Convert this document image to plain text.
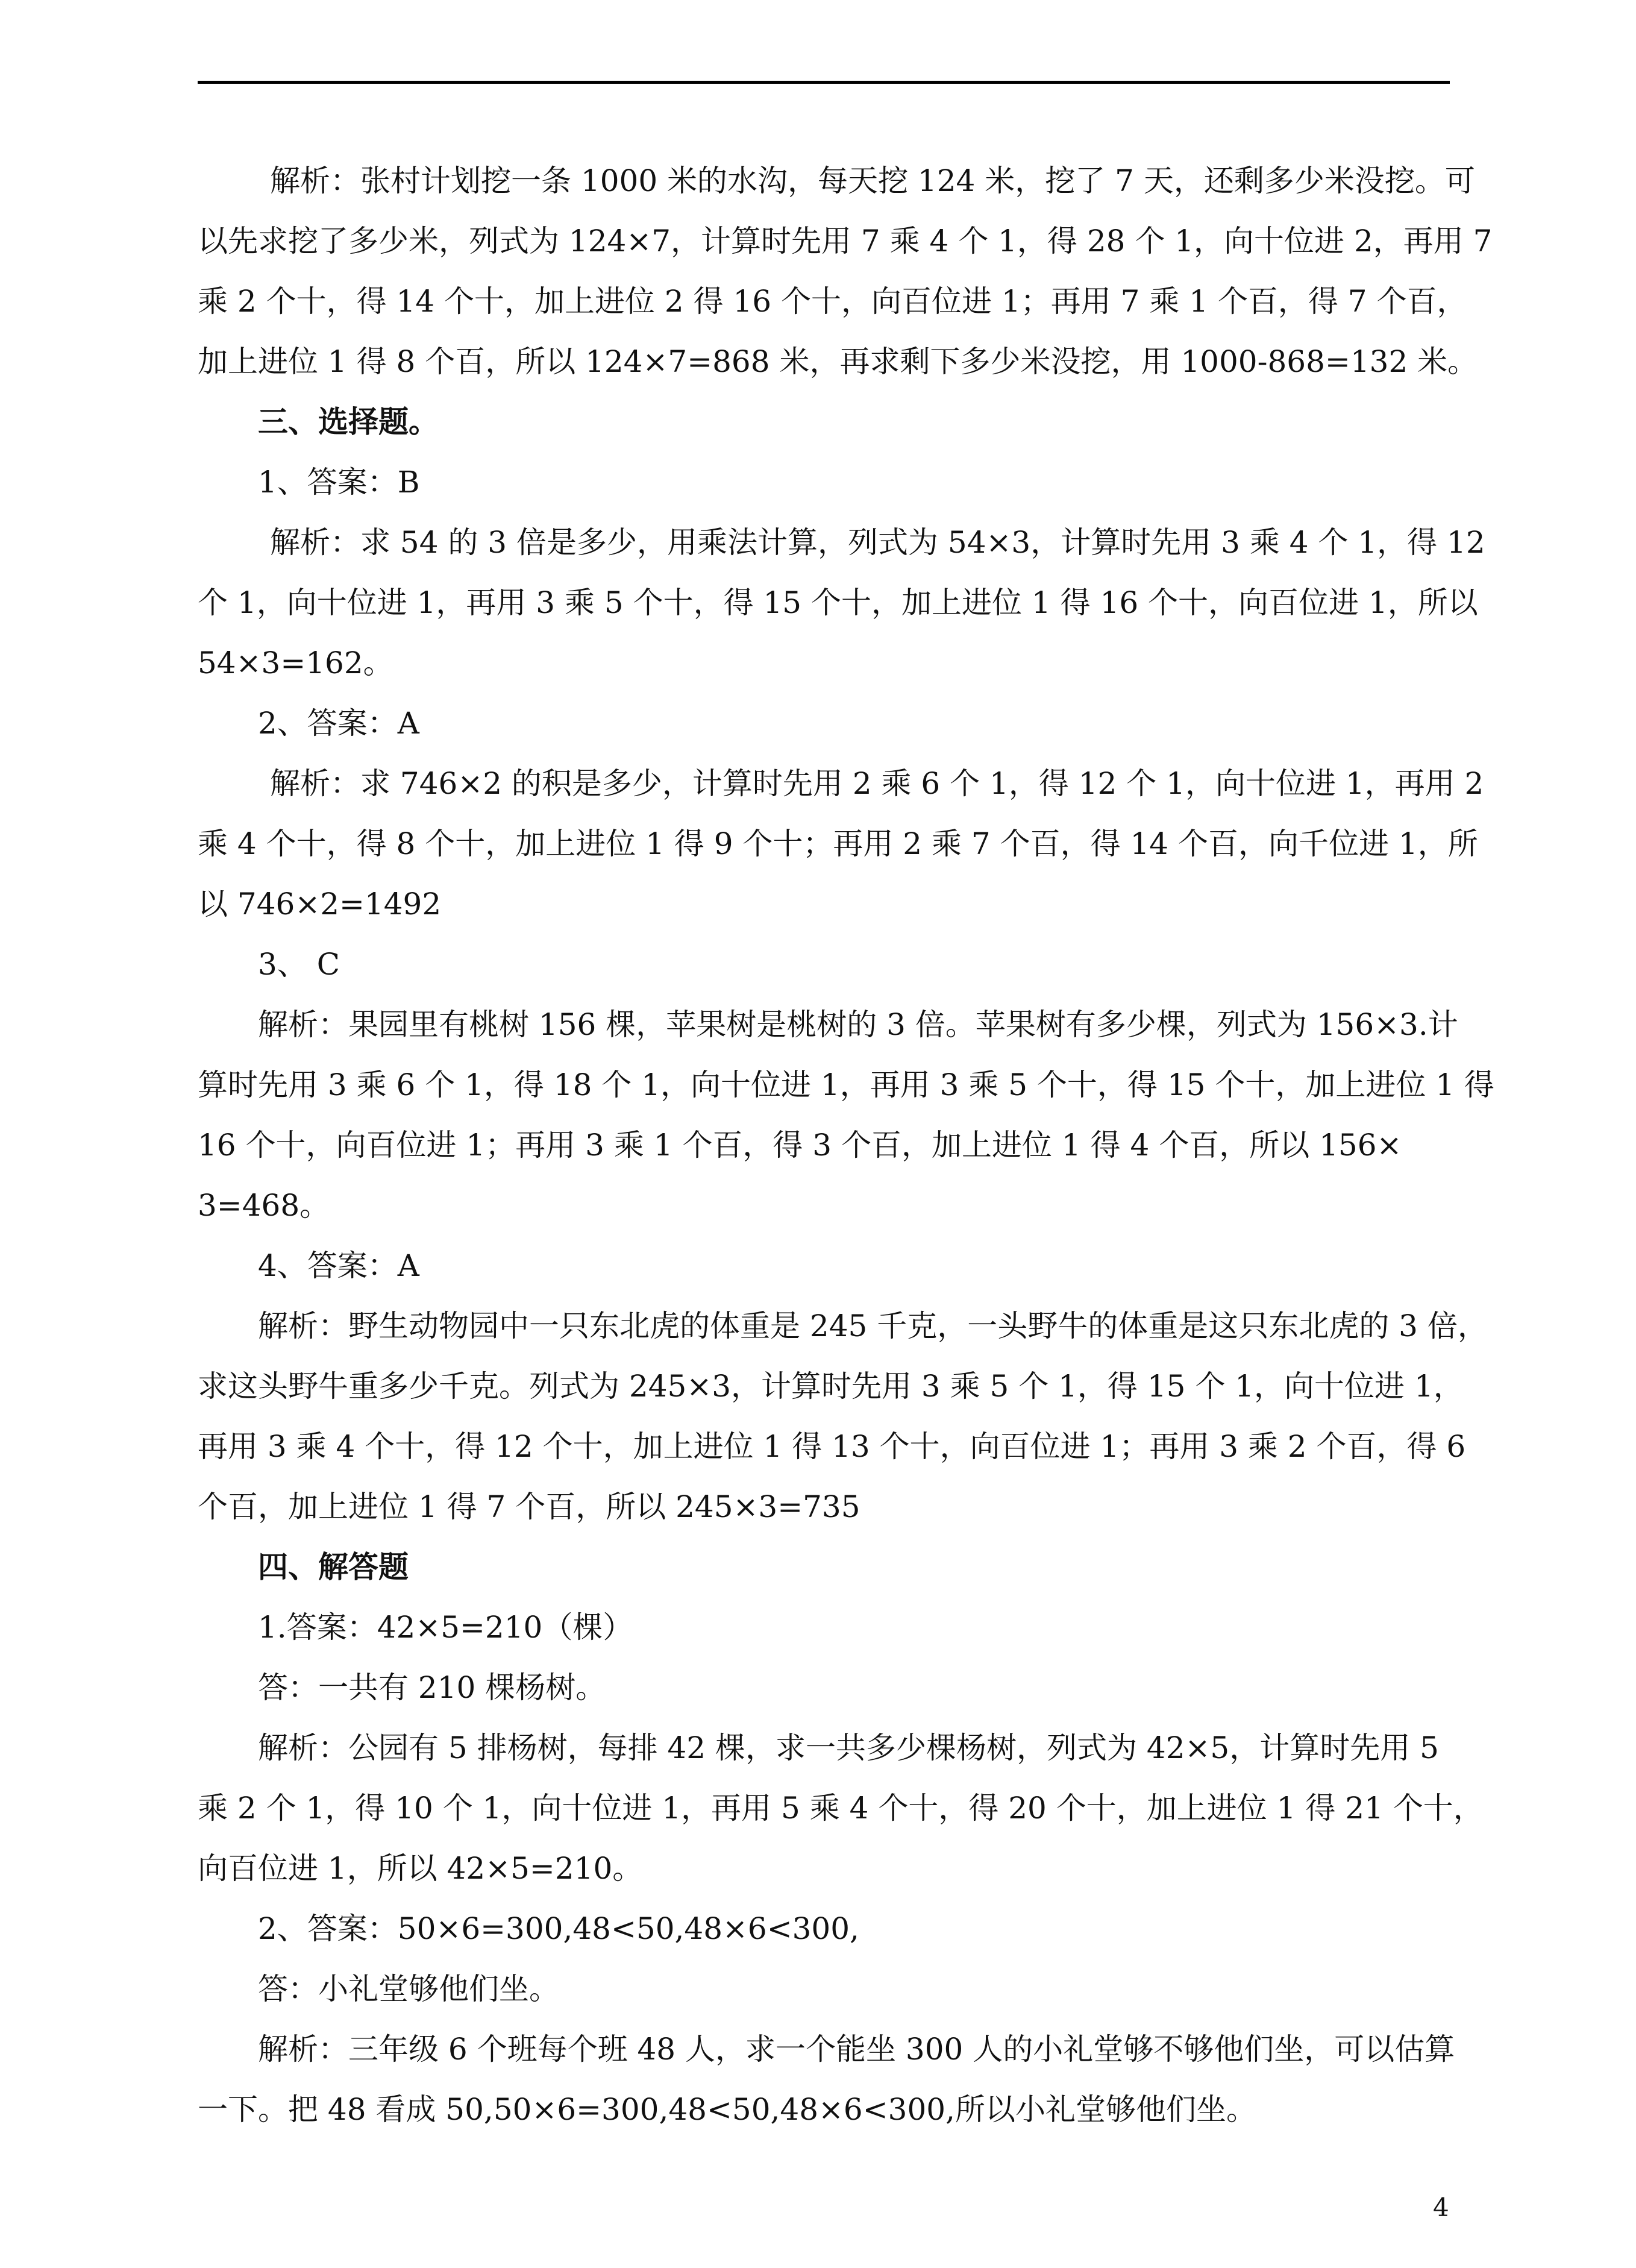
解析：张村计划挖一条 1000 米的水沟，每天挖 124 米，挖了 7 天，还剩多少米没挖。可
以先求挖了多少米，列式为 124×7，计算时先用 7 乘 4 个 1，得 28 个 1，向十位进 2，再用 7
乘 2 个十，得 14 个十，加上进位 2 得 16 个十，向百位进 1；再用 7 乘 1 个百，得 7 个百，
加上进位 1 得 8 个百，所以 124×7=868 米，再求剩下多少米没挖，用 1000-868=132 米。
三、选择题。
1、答案：B
解析：求 54 的 3 倍是多少，用乘法计算，列式为 54×3，计算时先用 3 乘 4 个 1，得 12
个 1，向十位进 1，再用 3 乘 5 个十，得 15 个十，加上进位 1 得 16 个十，向百位进 1，所以
54×3=162。
2、答案：A
解析：求 746×2 的积是多少，计算时先用 2 乘 6 个 1，得 12 个 1，向十位进 1，再用 2
乘 4 个十，得 8 个十，加上进位 1 得 9 个十；再用 2 乘 7 个百，得 14 个百，向千位进 1，所
以 746×2=1492
3、 C
解析：果园里有桃树 156 棵，苹果树是桃树的 3 倍。苹果树有多少棵，列式为 156×3.计
算时先用 3 乘 6 个 1，得 18 个 1，向十位进 1，再用 3 乘 5 个十，得 15 个十，加上进位 1 得
16 个十，向百位进 1；再用 3 乘 1 个百，得 3 个百，加上进位 1 得 4 个百，所以 156×
3=468。
4、答案：A
解析：野生动物园中一只东北虎的体重是 245 千克，一头野牛的体重是这只东北虎的 3 倍，
求这头野牛重多少千克。列式为 245×3，计算时先用 3 乘 5 个 1，得 15 个 1，向十位进 1，
再用 3 乘 4 个十，得 12 个十，加上进位 1 得 13 个十，向百位进 1；再用 3 乘 2 个百，得 6
个百，加上进位 1 得 7 个百，所以 245×3=735
四、解答题
1.答案：42×5=210（棵）
答：一共有 210 棵杨树。
解析：公园有 5 排杨树，每排 42 棵，求一共多少棵杨树，列式为 42×5，计算时先用 5
乘 2 个 1，得 10 个 1，向十位进 1，再用 5 乘 4 个十，得 20 个十，加上进位 1 得 21 个十，
向百位进 1，所以 42×5=210。
2、答案：50×6=300,48<50,48×6<300,
答：小礼堂够他们坐。
解析：三年级 6 个班每个班 48 人，求一个能坐 300 人的小礼堂够不够他们坐，可以估算
一下。把 48 看成 50,50×6=300,48<50,48×6<300,所以小礼堂够他们坐。
4
